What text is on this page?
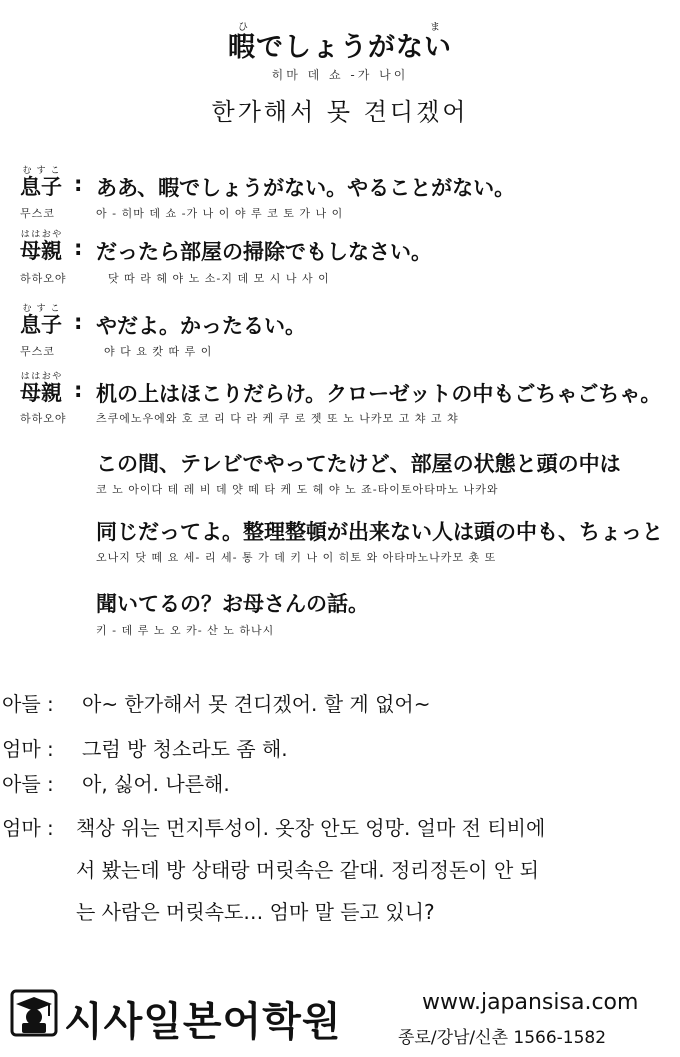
暇でしょうがないひま
히마 데 쇼 -가 나이
한가해서 못 견디겠어
息子むすこ
: ああ、暇でしょうがない。やることがない。
무스코	아 - 히마 데 쇼 -가 나 이 야 루 코 토 가 나 이
母親ははおや
: だったら部屋の掃除でもしなさい。
하하오야	닷 따 라 헤 야 노 소-지 데 모 시 나 사 이
息子むすこ
: やだよ。かったるい。
무스코	야 다 요 캇 따 루 이
母親ははおや
: 机の上はほこりだらけ。クローゼットの中もごちゃごちゃ。
하하오야	츠쿠에노우에와 호 코 리 다 라 케 쿠 로 젯 또 노 나카모 고 챠 고 챠
この間、テレビでやってたけど、部屋の状態と頭の中は
코 노 아이다 테 레 비 데 얏 떼 타 케 도 헤 야 노 죠-타이토아타마노 나카와
同じだってよ。整理整頓が出来ない人は頭の中も、ちょっと
오나지 닷 떼 요 세- 리 세- 통 가 데 키 나 이 히토 와 아타마노나카모 춋 또
聞いてるの？お母さんの話。
키 - 데 루 노 오 카- 산 노 하나시
아들 : 아~ 한가해서 못 견디겠어. 할 게 없어~
엄마 : 그럼 방 청소라도 좀 해.
아들 : 아, 싫어. 나른해.
엄마 : 책상 위는 먼지투성이. 옷장 안도 엉망. 얼마 전 티비에
서 봤는데 방 상태랑 머릿속은 같대. 정리정돈이 안 되
는 사람은 머릿속도… 엄마 말 듣고 있니?
시사일본어학원	www.japansisa.com
종로/강남/신촌 1566-1582
